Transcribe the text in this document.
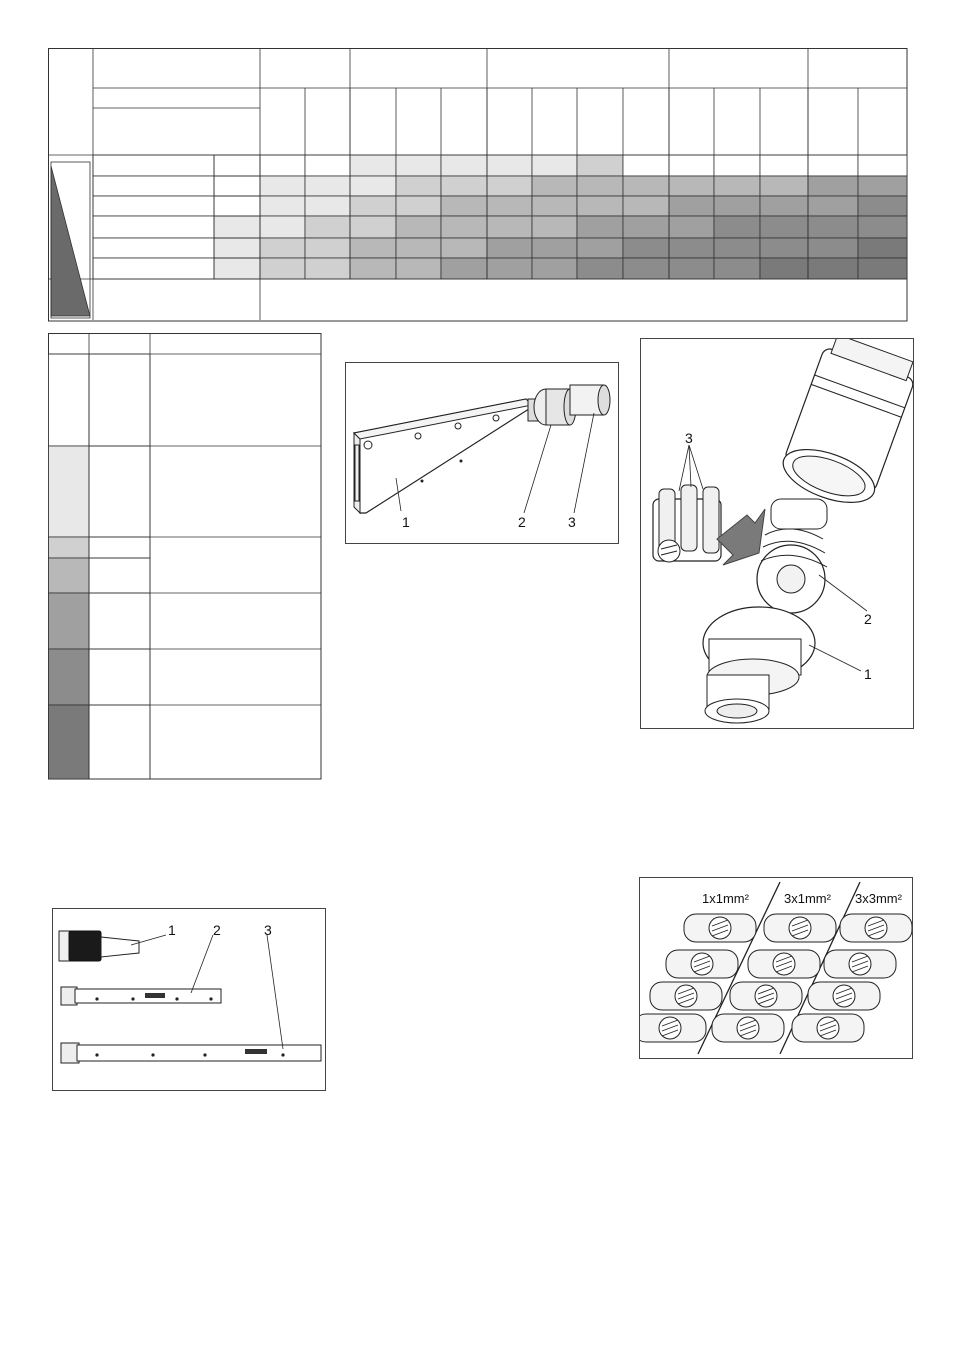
1	2	3
3
2
1
1	2	3
1x1mm²	3x1mm² 3x3mm²
